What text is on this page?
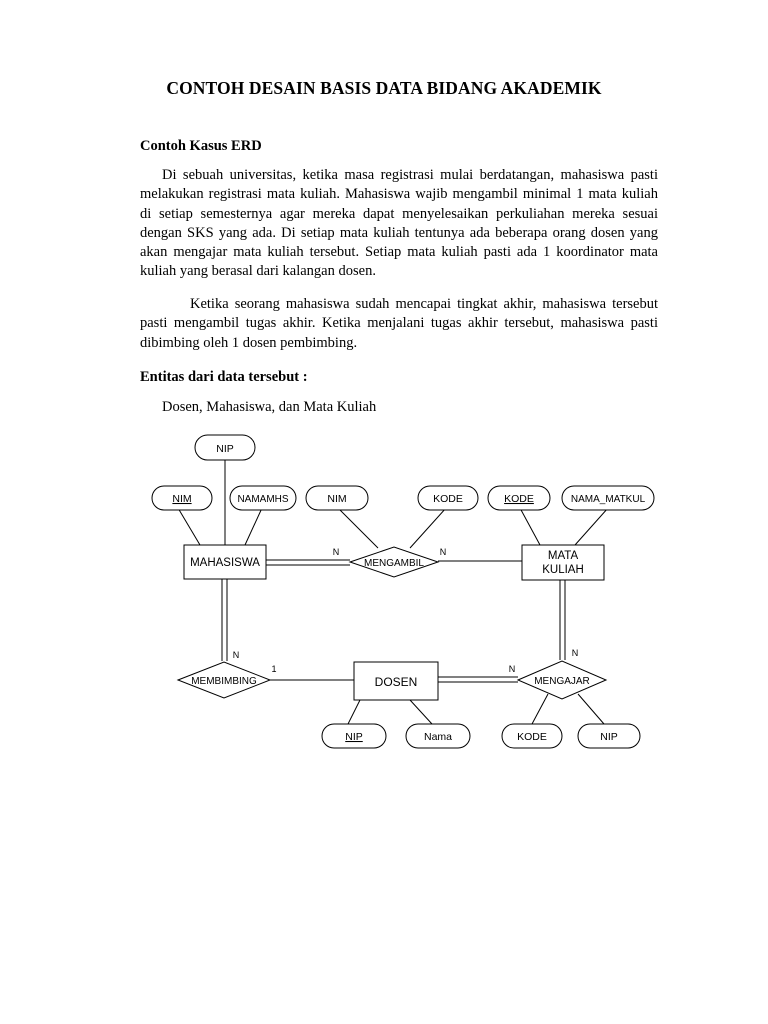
CONTOH DESAIN BASIS DATA BIDANG AKADEMIK
Contoh Kasus ERD

Di sebuah universitas, ketika masa registrasi mulai berdatangan, mahasiswa pasti melakukan registrasi mata kuliah. Mahasiswa wajib mengambil minimal 1 mata kuliah di setiap semesternya agar mereka dapat menyelesaikan perkuliahan mereka sesuai dengan SKS yang ada. Di setiap mata kuliah tentunya ada beberapa orang dosen yang akan mengajar mata kuliah tersebut. Setiap mata kuliah pasti ada 1 koordinator mata kuliah yang berasal dari kalangan dosen.

Ketika seorang mahasiswa sudah mencapai tingkat akhir, mahasiswa tersebut pasti mengambil tugas akhir. Ketika menjalani tugas akhir tersebut, mahasiswa pasti dibimbing oleh 1 dosen pembimbing.

Entitas dari data tersebut :
Dosen, Mahasiswa, dan Mata Kuliah
MAHASISWA
MATA
KULIAH
DOSEN
MENGAMBIL
MEMBIMBING	MENGAJAR
NIP
NIM	NAMAMHS	NIM	KODE	KODE	NAMA_MATKUL
NIP	Nama	KODE	NIP
N	N
N
1	N
N
